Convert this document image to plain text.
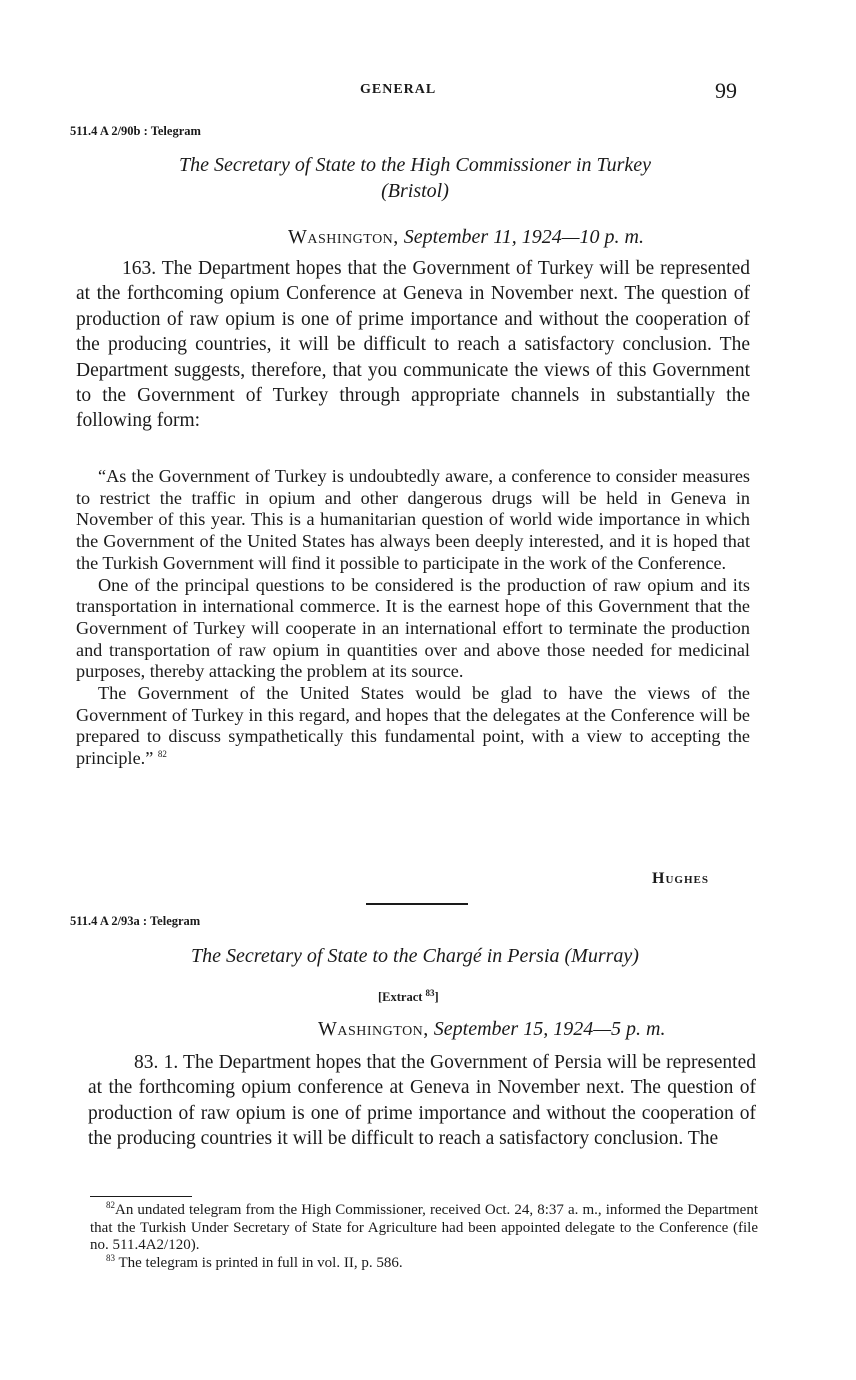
GENERAL	99
511.4 A 2/90b : Telegram
The Secretary of State to the High Commissioner in Turkey
(Bristol)
Washington, September 11, 1924—10 p. m.

163. The Department hopes that the Government of Turkey will be represented at the forthcoming opium Conference at Geneva in November next. The question of production of raw opium is one of prime importance and without the cooperation of the producing countries, it will be difficult to reach a satisfactory conclusion. The Department suggests, therefore, that you communicate the views of this Government to the Government of Turkey through appropriate channels in substantially the following form:

“As the Government of Turkey is undoubtedly aware, a conference to consider measures to restrict the traffic in opium and other dangerous drugs will be held in Geneva in November of this year. This is a humanitarian question of world wide importance in which the Government of the United States has always been deeply interested, and it is hoped that the Turkish Government will find it possible to participate in the work of the Conference.

One of the principal questions to be considered is the production of raw opium and its transportation in international commerce. It is the earnest hope of this Government that the Government of Turkey will cooperate in an international effort to terminate the production and transportation of raw opium in quantities over and above those needed for medicinal purposes, thereby attacking the problem at its source.

The Government of the United States would be glad to have the views of the Government of Turkey in this regard, and hopes that the delegates at the Conference will be prepared to discuss sympathetically this fundamental point, with a view to accepting the principle.” $^{82}$

Hughes
511.4 A 2/93a : Telegram
The Secretary of State to the Chargé in Persia (Murray)
[Extract $^{83}$]
Washington, September 15, 1924—5 p. m.

83. 1. The Department hopes that the Government of Persia will be represented at the forthcoming opium conference at Geneva in November next. The question of production of raw opium is one of prime importance and without the cooperation of the producing countries it will be difficult to reach a satisfactory conclusion. The

$^{82}$An undated telegram from the High Commissioner, received Oct. 24, 8:37 a. m., informed the Department that the Turkish Under Secretary of State for Agriculture had been appointed delegate to the Conference (file no. 511.4A2/120).

$^{83}$ The telegram is printed in full in vol. II, p. 586.
